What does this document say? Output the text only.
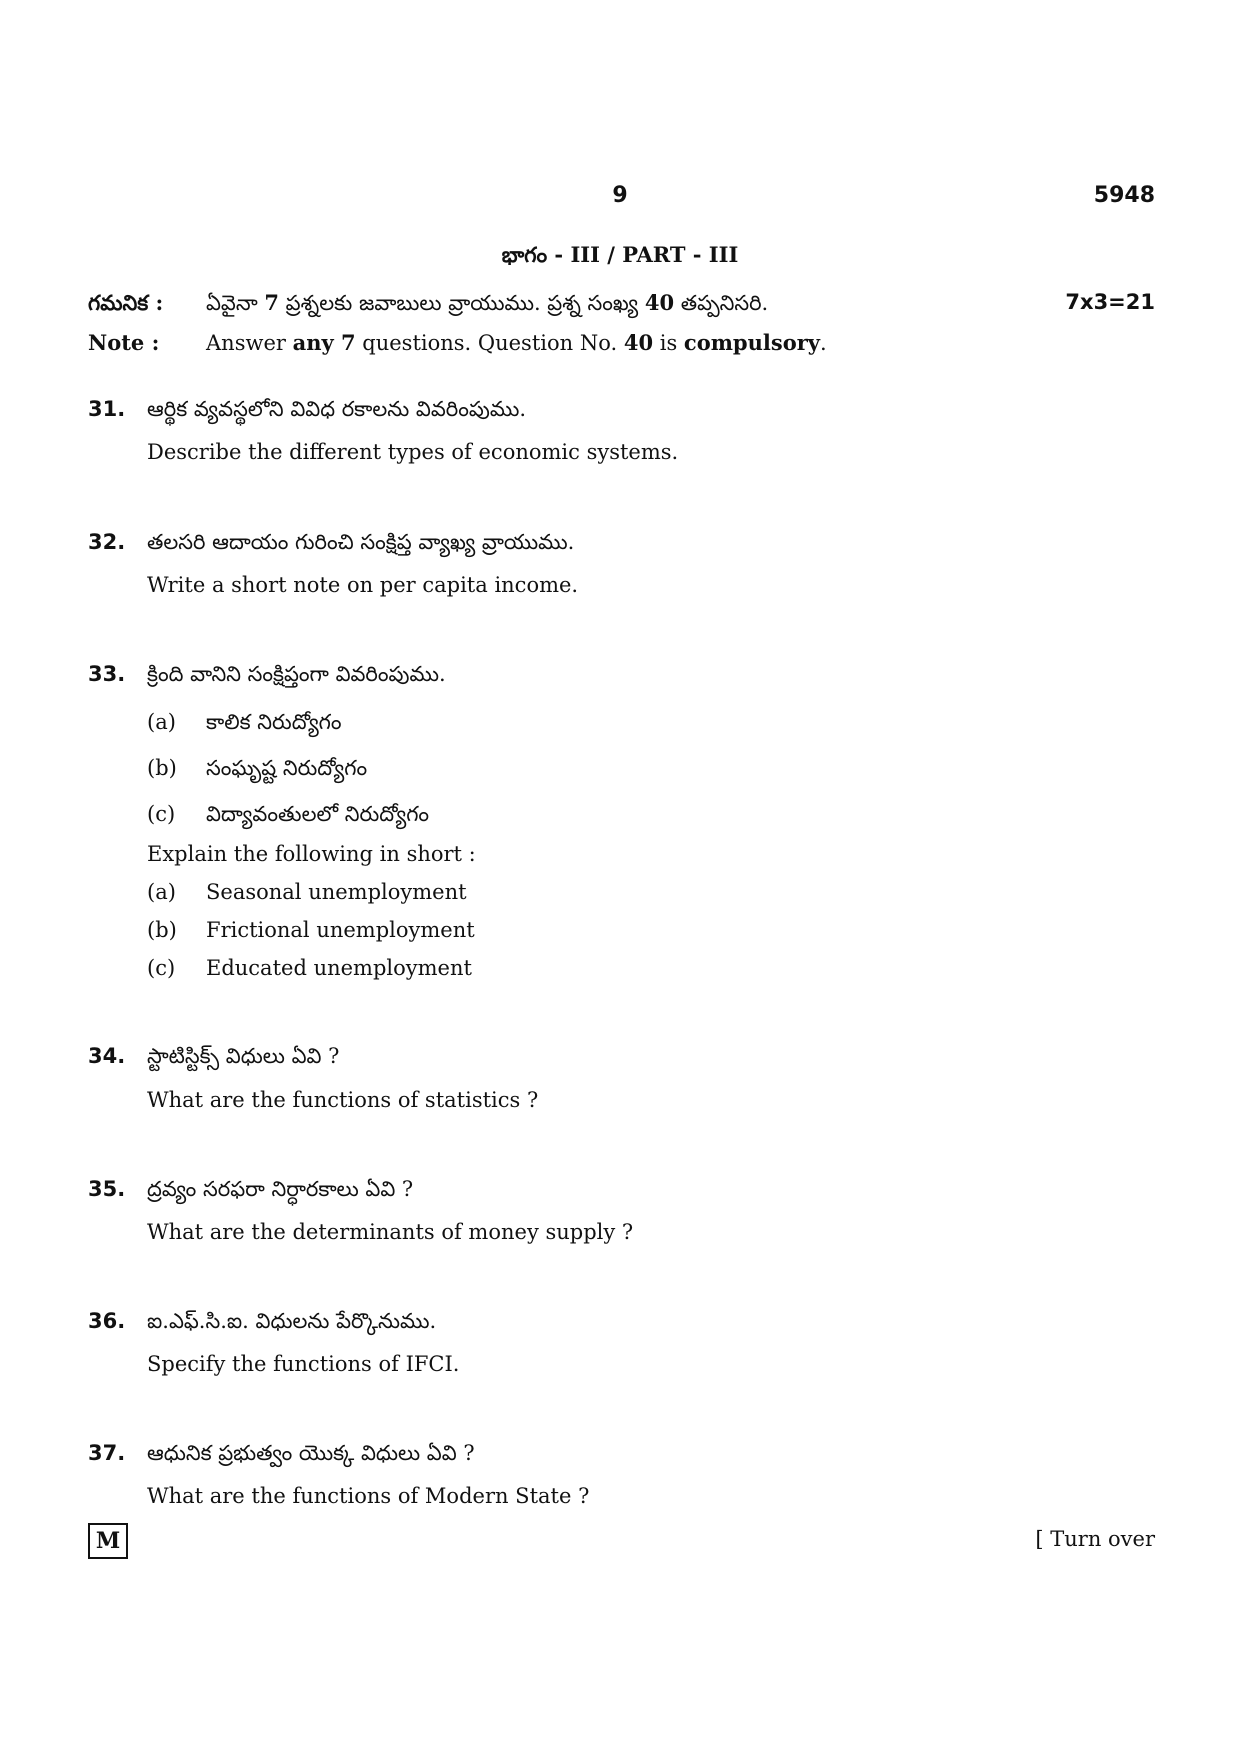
9	5948
భాగం - III / PART - III
గమనిక : ఏవైనా 7 ప్రశ్నలకు జవాబులు వ్రాయుము. ప్రశ్న సంఖ్య 40 తప్పనిసరి.	7x3=21
Note : Answer any 7 questions. Question No. 40 is compulsory.
31. ఆర్థిక వ్యవస్థలోని వివిధ రకాలను వివరింపుము.
Describe the different types of economic systems.
32. తలసరి ఆదాయం గురించి సంక్షిప్త వ్యాఖ్య వ్రాయుము.
Write a short note on per capita income.
33. క్రింది వానిని సంక్షిప్తంగా వివరింపుము.
(a) కాలిక నిరుద్యోగం
(b) సంఘృష్ట నిరుద్యోగం
(c) విద్యావంతులలో నిరుద్యోగం
Explain the following in short :
(a) Seasonal unemployment
(b) Frictional unemployment
(c) Educated unemployment
34. స్టాటిస్టిక్స్ విధులు ఏవి ?
What are the functions of statistics ?
35. ద్రవ్యం సరఫరా నిర్ధారకాలు ఏవి ?
What are the determinants of money supply ?
36. ఐ.ఎఫ్.సి.ఐ. విధులను పేర్కొనుము.
Specify the functions of IFCI.
37. ఆధునిక ప్రభుత్వం యొక్క విధులు ఏవి ?
What are the functions of Modern State ?
M	[ Turn over
